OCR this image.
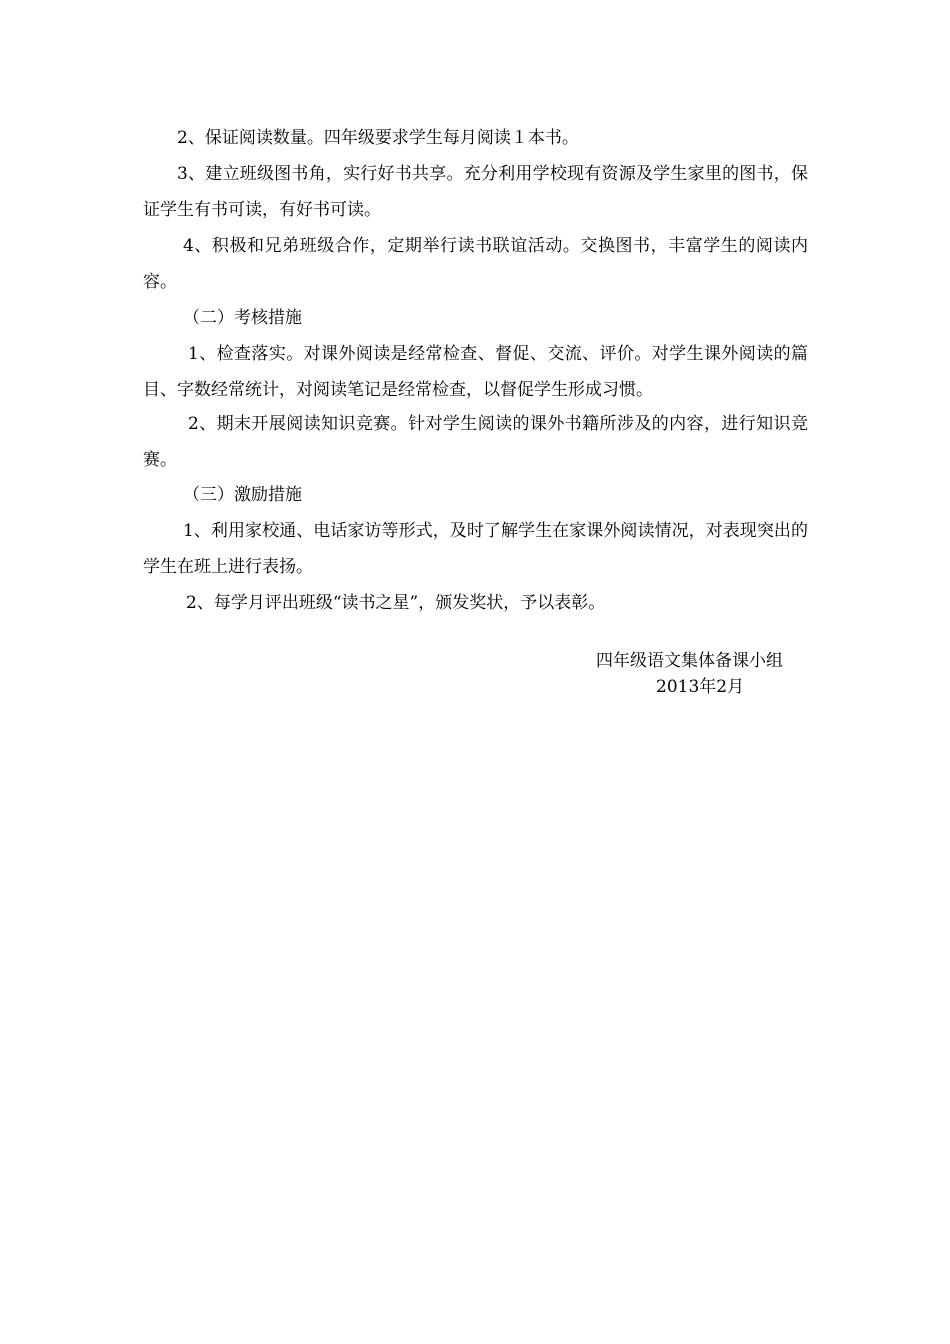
2、保证阅读数量。四年级要求学生每月阅读１本书。

3、建立班级图书角，实行好书共享。充分利用学校现有资源及学生家里的图书，保证学生有书可读，有好书可读。

4、积极和兄弟班级合作，定期举行读书联谊活动。交换图书，丰富学生的阅读内容。

（二）考核措施

1、检查落实。对课外阅读是经常检查、督促、交流、评价。对学生课外阅读的篇目、字数经常统计，对阅读笔记是经常检查，以督促学生形成习惯。

2、期末开展阅读知识竞赛。针对学生阅读的课外书籍所涉及的内容，进行知识竞赛。

（三）激励措施

1、利用家校通、电话家访等形式，及时了解学生在家课外阅读情况，对表现突出的学生在班上进行表扬。

2、每学月评出班级“读书之星”，颁发奖状，予以表彰。

四年级语文集体备课小组
2013年2月
